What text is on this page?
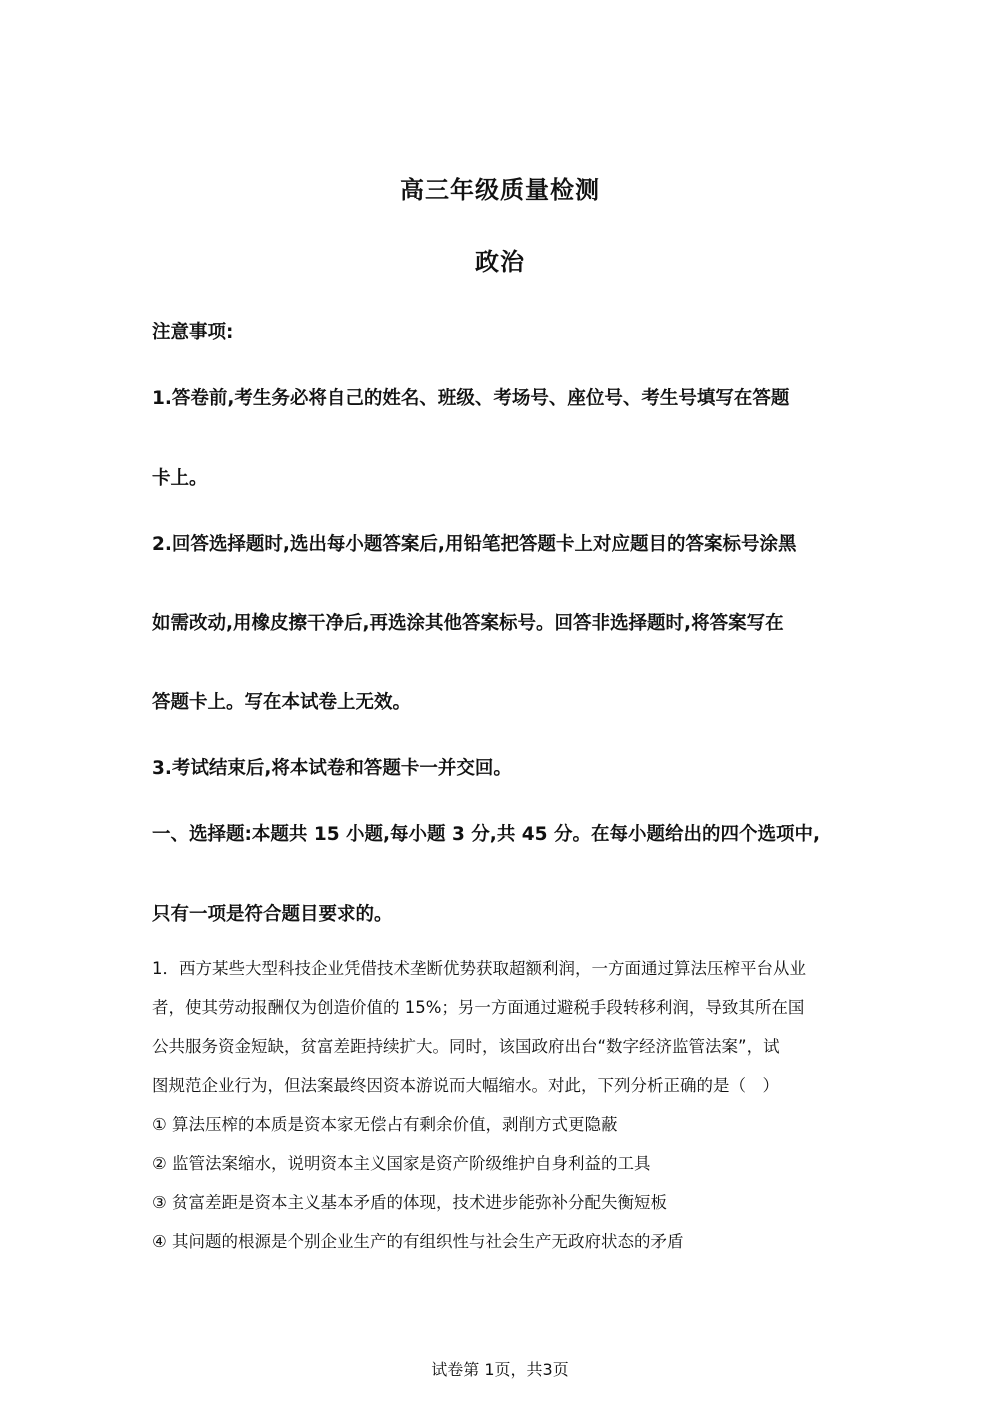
高三年级质量检测
政治
注意事项:
1.答卷前,考生务必将自己的姓名、班级、考场号、座位号、考生号填写在答题
卡上。
2.回答选择题时,选出每小题答案后,用铅笔把答题卡上对应题目的答案标号涂黑
如需改动,用橡皮擦干净后,再选涂其他答案标号。回答非选择题时,将答案写在
答题卡上。写在本试卷上无效。
3.考试结束后,将本试卷和答题卡一并交回。
一、选择题:本题共 15 小题,每小题 3 分,共 45 分。在每小题给出的四个选项中,
只有一项是符合题目要求的。
1．西方某些大型科技企业凭借技术垄断优势获取超额利润，一方面通过算法压榨平台从业
者，使其劳动报酬仅为创造价值的 15%；另一方面通过避税手段转移利润，导致其所在国
公共服务资金短缺，贫富差距持续扩大。同时，该国政府出台“数字经济监管法案”，试
图规范企业行为，但法案最终因资本游说而大幅缩水。对此，下列分析正确的是（　）
① 算法压榨的本质是资本家无偿占有剩余价值，剥削方式更隐蔽
② 监管法案缩水，说明资本主义国家是资产阶级维护自身利益的工具
③ 贫富差距是资本主义基本矛盾的体现，技术进步能弥补分配失衡短板
④ 其问题的根源是个别企业生产的有组织性与社会生产无政府状态的矛盾
试卷第 1页，共3页
